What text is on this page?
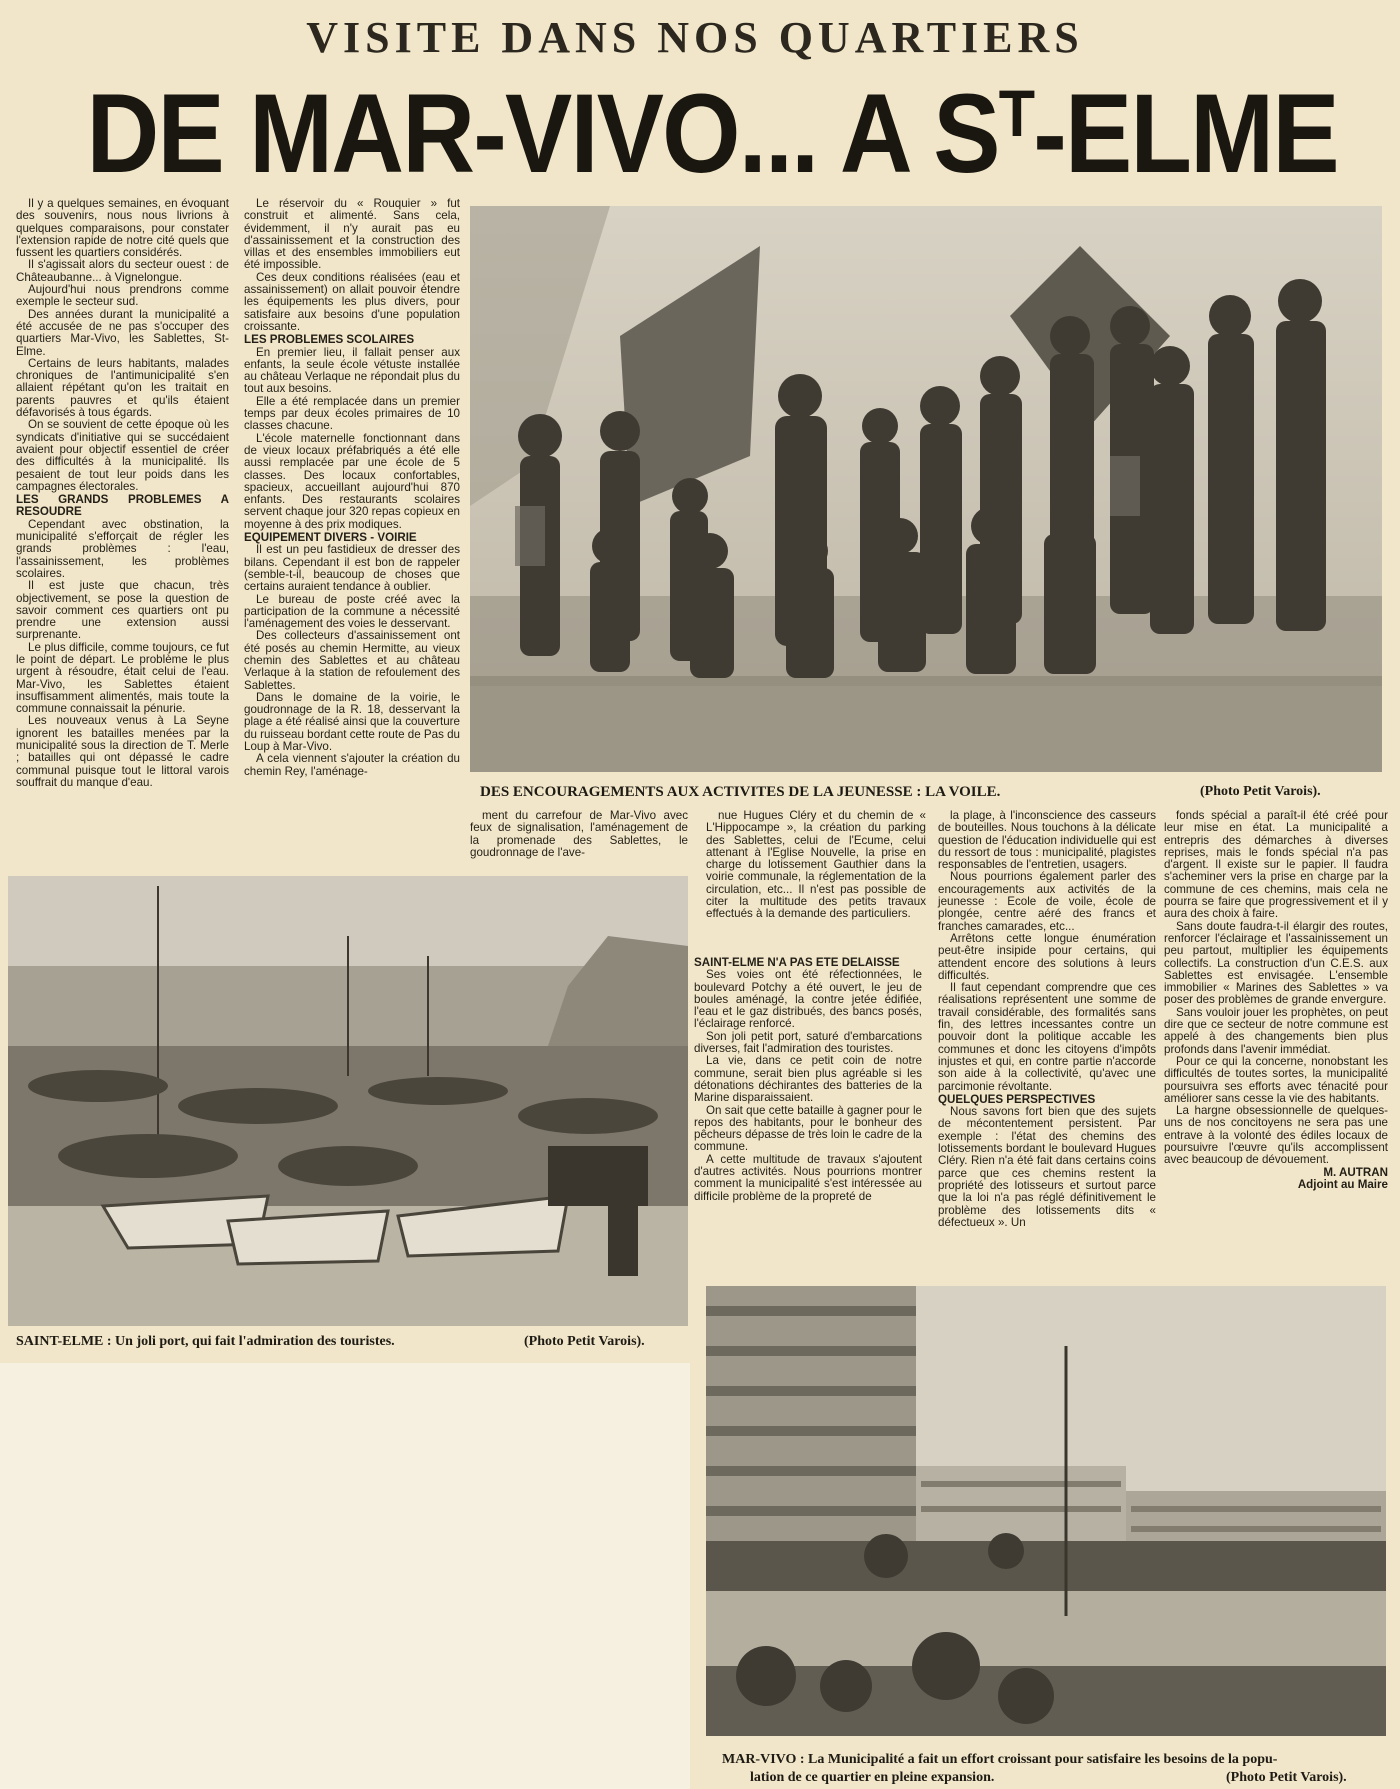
VISITE DANS NOS QUARTIERS
DE MAR-VIVO... A $S^T$-ELME

Il y a quelques semaines, en évoquant des souvenirs, nous nous livrions à quelques comparaisons, pour constater l'extension rapide de notre cité quels que fussent les quartiers considérés.

Il s'agissait alors du secteur ouest : de Châteaubanne... à Vignelongue.

Aujourd'hui nous prendrons comme exemple le secteur sud.

Des années durant la municipalité a été accusée de ne pas s'occuper des quartiers Mar-Vivo, les Sablettes, St-Elme.

Certains de leurs habitants, malades chroniques de l'antimunicipalité s'en allaient répétant qu'on les traitait en parents pauvres et qu'ils étaient défavorisés à tous égards.

On se souvient de cette époque où les syndicats d'initiative qui se succédaient avaient pour objectif essentiel de créer des difficultés à la municipalité. Ils pesaient de tout leur poids dans les campagnes électorales.

LES GRANDS PROBLEMES A RESOUDRE

Cependant avec obstination, la municipalité s'efforçait de régler les grands problèmes : l'eau, l'assainissement, les problèmes scolaires.

Il est juste que chacun, très objectivement, se pose la question de savoir comment ces quartiers ont pu prendre une extension aussi surprenante.

Le plus difficile, comme toujours, ce fut le point de départ. Le problème le plus urgent à résoudre, était celui de l'eau. Mar-Vivo, les Sablettes étaient insuffisamment alimentés, mais toute la commune connaissait la pénurie.

Les nouveaux venus à La Seyne ignorent les batailles menées par la municipalité sous la direction de T. Merle ; batailles qui ont dépassé le cadre communal puisque tout le littoral varois souffrait du manque d'eau.

Le réservoir du « Rouquier » fut construit et alimenté. Sans cela, évidemment, il n'y aurait pas eu d'assainissement et la construction des villas et des ensembles immobiliers eut été impossible.

Ces deux conditions réalisées (eau et assainissement) on allait pouvoir étendre les équipements les plus divers, pour satisfaire aux besoins d'une population croissante.

LES PROBLEMES SCOLAIRES

En premier lieu, il fallait penser aux enfants, la seule école vétuste installée au château Verlaque ne répondait plus du tout aux besoins.

Elle a été remplacée dans un premier temps par deux écoles primaires de 10 classes chacune.

L'école maternelle fonctionnant dans de vieux locaux préfabriqués a été elle aussi remplacée par une école de 5 classes. Des locaux confortables, spacieux, accueillant aujourd'hui 870 enfants. Des restaurants scolaires servent chaque jour 320 repas copieux en moyenne à des prix modiques.

EQUIPEMENT DIVERS - VOIRIE

Il est un peu fastidieux de dresser des bilans. Cependant il est bon de rappeler (semble-t-il, beaucoup de choses que certains auraient tendance à oublier.

Le bureau de poste créé avec la participation de la commune a nécessité l'aménagement des voies le desservant.

Des collecteurs d'assainissement ont été posés au chemin Hermitte, au vieux chemin des Sablettes et au château Verlaque à la station de refoulement des Sablettes.

Dans le domaine de la voirie, le goudronnage de la R. 18, desservant la plage a été réalisé ainsi que la couverture du ruisseau bordant cette route de Pas du Loup à Mar-Vivo.

A cela viennent s'ajouter la création du chemin Rey, l'aménage-

ment du carrefour de Mar-Vivo avec feux de signalisation, l'aménagement de la promenade des Sablettes, le goudronnage de l'ave-

nue Hugues Cléry et du chemin de « L'Hippocampe », la création du parking des Sablettes, celui de l'Ecume, celui attenant à l'Eglise Nouvelle, la prise en charge du lotissement Gauthier dans la voirie communale, la réglementation de la circulation, etc... Il n'est pas possible de citer la multitude des petits travaux effectués à la demande des particuliers.

SAINT-ELME N'A PAS ETE DELAISSE

Ses voies ont été réfectionnées, le boulevard Potchy a été ouvert, le jeu de boules aménagé, la contre jetée édifiée, l'eau et le gaz distribués, des bancs posés, l'éclairage renforcé.

Son joli petit port, saturé d'embarcations diverses, fait l'admiration des touristes.

La vie, dans ce petit coin de notre commune, serait bien plus agréable si les détonations déchirantes des batteries de la Marine disparaissaient.

On sait que cette bataille à gagner pour le repos des habitants, pour le bonheur des pêcheurs dépasse de très loin le cadre de la commune.

A cette multitude de travaux s'ajoutent d'autres activités. Nous pourrions montrer comment la municipalité s'est intéressée au difficile problème de la propreté de

la plage, à l'inconscience des casseurs de bouteilles. Nous touchons à la délicate question de l'éducation individuelle qui est du ressort de tous : municipalité, plagistes responsables de l'entretien, usagers.

Nous pourrions également parler des encouragements aux activités de la jeunesse : Ecole de voile, école de plongée, centre aéré des francs et franches camarades, etc...

Arrêtons cette longue énumération peut-être insipide pour certains, qui attendent encore des solutions à leurs difficultés.

Il faut cependant comprendre que ces réalisations représentent une somme de travail considérable, des formalités sans fin, des lettres incessantes contre un pouvoir dont la politique accable les communes et donc les citoyens d'impôts injustes et qui, en contre partie n'accorde son aide à la collectivité, qu'avec une parcimonie révoltante.

QUELQUES PERSPECTIVES

Nous savons fort bien que des sujets de mécontentement persistent. Par exemple : l'état des chemins des lotissements bordant le boulevard Hugues Cléry. Rien n'a été fait dans certains coins parce que ces chemins restent la propriété des lotisseurs et surtout parce que la loi n'a pas réglé définitivement le problème des lotissements dits « défectueux ». Un

fonds spécial a paraît-il été créé pour leur mise en état. La municipalité a entrepris des démarches à diverses reprises, mais le fonds spécial n'a pas d'argent. Il existe sur le papier. Il faudra s'acheminer vers la prise en charge par la commune de ces chemins, mais cela ne pourra se faire que progressivement et il y aura des choix à faire.

Sans doute faudra-t-il élargir des routes, renforcer l'éclairage et l'assainissement un peu partout, multiplier les équipements collectifs. La construction d'un C.E.S. aux Sablettes est envisagée. L'ensemble immobilier « Marines des Sablettes » va poser des problèmes de grande envergure.

Sans vouloir jouer les prophètes, on peut dire que ce secteur de notre commune est appelé à des changements bien plus profonds dans l'avenir immédiat.

Pour ce qui la concerne, nonobstant les difficultés de toutes sortes, la municipalité poursuivra ses efforts avec ténacité pour améliorer sans cesse la vie des habitants.

La hargne obsessionnelle de quelques-uns de nos concitoyens ne sera pas une entrave à la volonté des édiles locaux de poursuivre l'œuvre qu'ils accomplissent avec beaucoup de dévouement.

M. AUTRAN

Adjoint au Maire

DES ENCOURAGEMENTS AUX ACTIVITES DE LA JEUNESSE : LA VOILE.	(Photo Petit Varois).
SAINT-ELME : Un joli port, qui fait l'admiration des touristes.	(Photo Petit Varois).
MAR-VIVO : La Municipalité a fait un effort croissant pour satisfaire les besoins de la popu-
lation de ce quartier en pleine expansion.	(Photo Petit Varois).
